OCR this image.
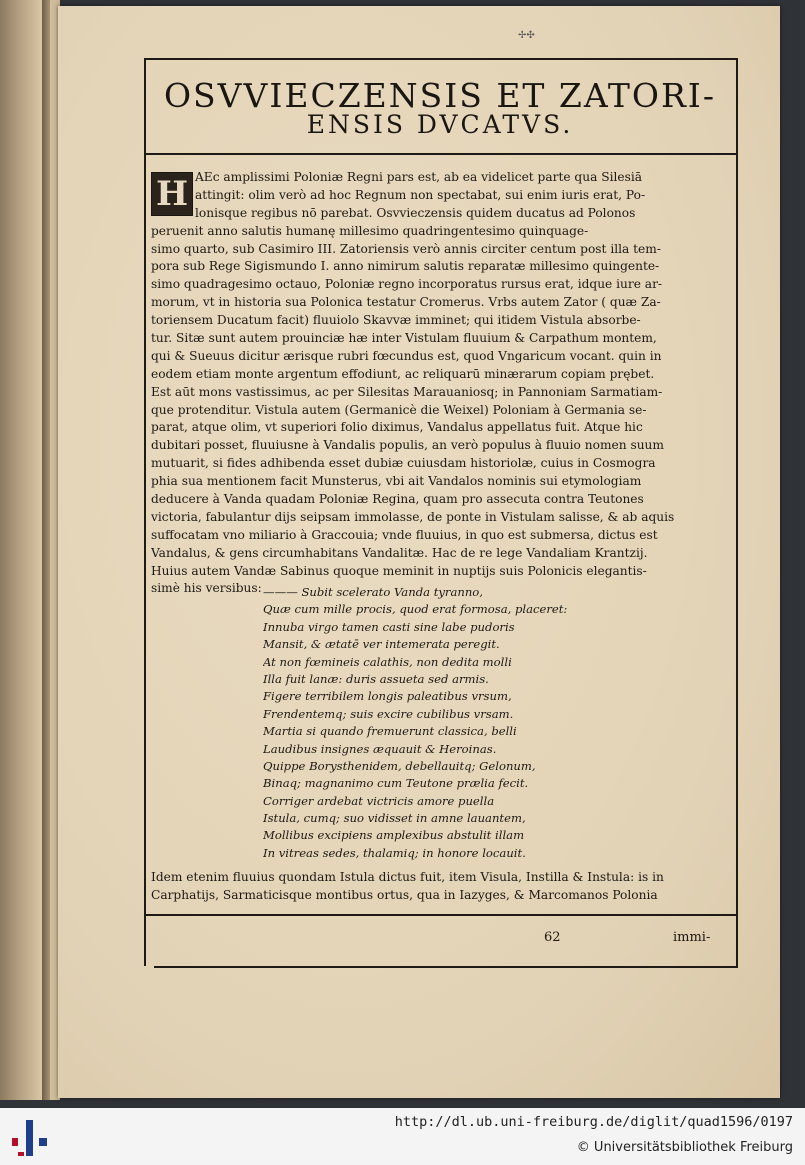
✢✣
OSVVIECZENSIS ET ZATORI-
ENSIS DVCATVS.
H AEc amplissimi Poloniæ Regni pars est, ab ea videlicet parte qua Silesiā
attingit: olim verò ad hoc Regnum non spectabat, sui enim iuris erat, Po-
lonisque regibus nō parebat. Osvvieczensis quidem ducatus ad Polonos
peruenit anno salutis humanę millesimo quadringentesimo quinquage-
simo quarto, sub Casimiro III. Zatoriensis verò annis circiter centum post illa tem-
pora sub Rege Sigismundo I. anno nimirum salutis reparatæ millesimo quingente-
simo quadragesimo octauo, Poloniæ regno incorporatus rursus erat, idque iure ar-
morum, vt in historia sua Polonica testatur Cromerus. Vrbs autem Zator ( quæ Za-
toriensem Ducatum facit) fluuiolo Skavvæ imminet; qui itidem Vistula absorbe-
tur. Sitæ sunt autem prouinciæ hæ inter Vistulam fluuium & Carpathum montem,
qui & Sueuus dicitur ærisque rubri fœcundus est, quod Vngaricum vocant. quin in
eodem etiam monte argentum effodiunt, ac reliquarū minærarum copiam prębet.
Est aūt mons vastissimus, ac per Silesitas Marauaniosq; in Pannoniam Sarmatiam-
que protenditur. Vistula autem (Germanicè die Weixel) Poloniam à Germania se-
parat, atque olim, vt superiori folio diximus, Vandalus appellatus fuit. Atque hic
dubitari posset, fluuiusne à Vandalis populis, an verò populus à fluuio nomen suum
mutuarit, si fides adhibenda esset dubiæ cuiusdam historiolæ, cuius in Cosmogra
phia sua mentionem facit Munsterus, vbi ait Vandalos nominis sui etymologiam
deducere à Vanda quadam Poloniæ Regina, quam pro assecuta contra Teutones
victoria, fabulantur dijs seipsam immolasse, de ponte in Vistulam salisse, & ab aquis
suffocatam vno miliario à Graccouia; vnde fluuius, in quo est submersa, dictus est
Vandalus, & gens circumhabitans Vandalitæ. Hac de re lege Vandaliam Krantzij.
Huius autem Vandæ Sabinus quoque meminit in nuptijs suis Polonicis elegantis-
simè his versibus: ——— Subit scelerato Vanda tyranno,
Quæ cum mille procis, quod erat formosa, placeret:
Innuba virgo tamen casti sine labe pudoris
Mansit, & ætatē ver intemerata peregit.
At non fœmineis calathis, non dedita molli
Illa fuit lanæ: duris assueta sed armis.
Figere terribilem longis paleatibus vrsum,
Frendentemq; suis excire cubilibus vrsam.
Martia si quando fremuerunt classica, belli
Laudibus insignes æquauit & Heroinas.
Quippe Borysthenidem, debellauitq; Gelonum,
Binaq; magnanimo cum Teutone prælia fecit.
Corriger ardebat victricis amore puella
Istula, cumq; suo vidisset in amne lauantem,
Mollibus excipiens amplexibus abstulit illam
In vitreas sedes, thalamiq; in honore locauit.
Idem etenim fluuius quondam Istula dictus fuit, item Visula, Instilla & Instula: is in
Carphatijs, Sarmaticisque montibus ortus, qua in Iazyges, & Marcomanos Polonia
62	immi-
http://dl.ub.uni-freiburg.de/diglit/quad1596/0197
© Universitätsbibliothek Freiburg
